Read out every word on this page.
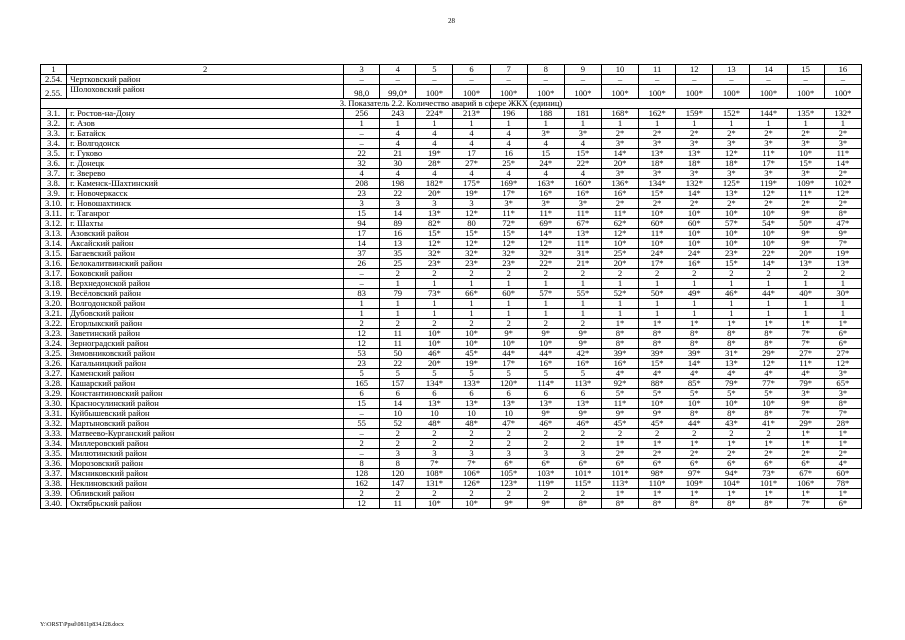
28
1	2	3	4	5	6	7	8	9	10	11	12	13	14	15	16
2.54.	Чертковский район	–	–	–	–	–	–	–	–	–	–	–	–	–	–
2.55.	Шолоховский район	98,0	99,0*	100*	100*	100*	100*	100*	100*	100*	100*	100*	100*	100*	100*
3. Показатель 2.2. Количество аварий в сфере ЖКХ (единиц)															
3.1.	г. Ростов-на-Дону	256	243	224*	213*	196	188	181	168*	162*	159*	152*	144*	135*	132*
3.2.	г. Азов	1	1	1	1	1	1	1	1	1	1	1	1	1	1
3.3.	г. Батайск	–	4	4	4	4	3*	3*	2*	2*	2*	2*	2*	2*	2*
3.4.	г. Волгодонск	–	4	4	4	4	4	4	3*	3*	3*	3*	3*	3*	3*
3.5.	г. Гуково	22	21	19*	17	16	15	15*	14*	13*	13*	12*	11*	10*	11*
3.6.	г. Донецк	32	30	28*	27*	25*	24*	22*	20*	18*	18*	18*	17*	15*	14*
3.7.	г. Зверево	4	4	4	4	4	4	4	3*	3*	3*	3*	3*	3*	2*
3.8.	г. Каменск-Шахтинский	208	198	182*	175*	169*	163*	160*	136*	134*	132*	125*	119*	109*	102*
3.9.	г. Новочеркасск	23	22	20*	19*	17*	16*	16*	16*	15*	14*	13*	12*	11*	12*
3.10.	г. Новошахтинск	3	3	3	3	3*	3*	3*	2*	2*	2*	2*	2*	2*	2*
3.11.	г. Таганрог	15	14	13*	12*	11*	11*	11*	11*	10*	10*	10*	10*	9*	8*
3.12.	г. Шахты	94	89	82*	80	72*	69*	67*	62*	60*	60*	57*	54*	50*	47*
3.13.	Азовский район	17	16	15*	15*	15*	14*	13*	12*	11*	10*	10*	10*	9*	9*
3.14.	Аксайский район	14	13	12*	12*	12*	12*	11*	10*	10*	10*	10*	10*	9*	7*
3.15.	Багаевский район	37	35	32*	32*	32*	32*	31*	25*	24*	24*	23*	22*	20*	19*
3.16.	Белокалитвинский район	26	25	23*	23*	23*	22*	21*	20*	17*	16*	15*	14*	13*	13*
3.17.	Боковский район	–	2	2	2	2	2	2	2	2	2	2	2	2	2
3.18.	Верхнедонской район	–	1	1	1	1	1	1	1	1	1	1	1	1	1
3.19.	Весёловский район	83	79	73*	66*	60*	57*	55*	52*	50*	49*	46*	44*	40*	30*
3.20.	Волгодонской район	1	1	1	1	1	1	1	1	1	1	1	1	1	1
3.21.	Дубовский район	1	1	1	1	1	1	1	1	1	1	1	1	1	1
3.22.	Егорлыкский район	2	2	2	2	2	2	2	1*	1*	1*	1*	1*	1*	1*
3.23.	Заветинский район	12	11	10*	10*	9*	9*	9*	8*	8*	8*	8*	8*	7*	6*
3.24.	Зерноградский район	12	11	10*	10*	10*	10*	9*	8*	8*	8*	8*	8*	7*	6*
3.25.	Зимовниковский район	53	50	46*	45*	44*	44*	42*	39*	39*	39*	31*	29*	27*	27*
3.26.	Кагальницкий район	23	22	20*	19*	17*	16*	16*	16*	15*	14*	13*	12*	11*	12*
3.27.	Каменский район	5	5	5	5	5	5	5	4*	4*	4*	4*	4*	4*	3*
3.28.	Кашарский район	165	157	134*	133*	120*	114*	113*	92*	88*	85*	79*	77*	79*	65*
3.29.	Константиновский район	6	6	6	6	6	6	6	5*	5*	5*	5*	5*	3*	3*
3.30.	Красносулинский район	15	14	13*	13*	13*	13*	13*	11*	10*	10*	10*	10*	9*	8*
3.31.	Куйбышевский район	–	10	10	10	10	9*	9*	9*	9*	8*	8*	8*	7*	7*
3.32.	Мартыновский район	55	52	48*	48*	47*	46*	46*	45*	45*	44*	43*	41*	29*	28*
3.33.	Матвеево-Курганский район	–	2	2	2	2	2	2	2	2	2	2	2	1*	1*
3.34.	Миллеровский район	2	2	2	2	2	2	2	1*	1*	1*	1*	1*	1*	1*
3.35.	Милютинский район	–	3	3	3	3	3	3	2*	2*	2*	2*	2*	2*	2*
3.36.	Морозовский район	8	8	7*	7*	6*	6*	6*	6*	6*	6*	6*	6*	6*	4*
3.37.	Мясниковский район	128	120	108*	106*	105*	103*	101*	101*	98*	97*	94*	73*	67*	60*
3.38.	Неклиновский район	162	147	131*	126*	123*	119*	115*	113*	110*	109*	104*	101*	106*	78*
3.39.	Обливский район	2	2	2	2	2	2	2	1*	1*	1*	1*	1*	1*	1*
3.40.	Октябрьский район	12	11	10*	10*	9*	9*	8*	8*	8*	8*	8*	8*	7*	6*
Y:\ORST\Ppsd\0811p834.f28.docx
